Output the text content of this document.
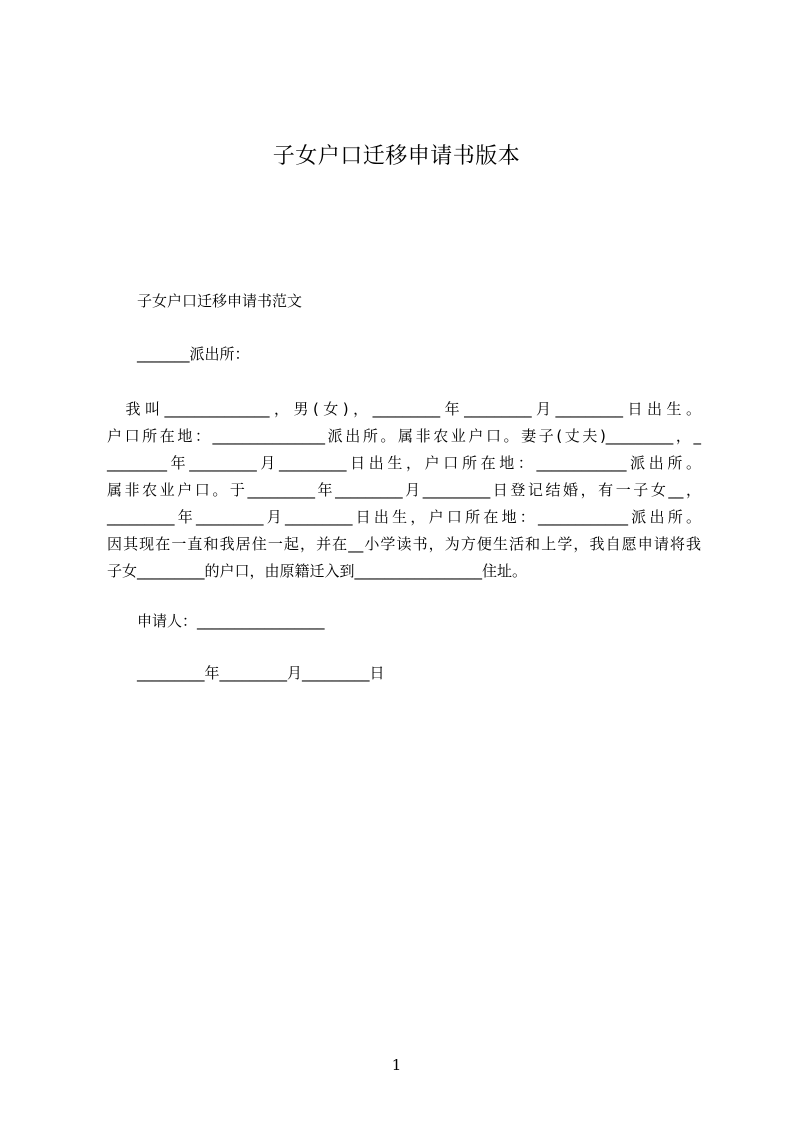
子女户口迁移申请书版本
子女户口迁移申请书范文
_______派出所：
我叫______________，男(女)，_________年_________月_________日出生。
户口所在地：_______________派出所。属非农业户口。妻子(丈夫)_________，_
________年_________月_________日出生，户口所在地：____________派出所。
属非农业户口。于_________年_________月_________日登记结婚，有一子女__，
_________年_________月_________日出生，户口所在地：____________派出所。
因其现在一直和我居住一起，并在__小学读书，为方便生活和上学，我自愿申请将我
子女_________的户口，由原籍迁入到_________________住址。
申请人：_________________
_________年_________月_________日
1
